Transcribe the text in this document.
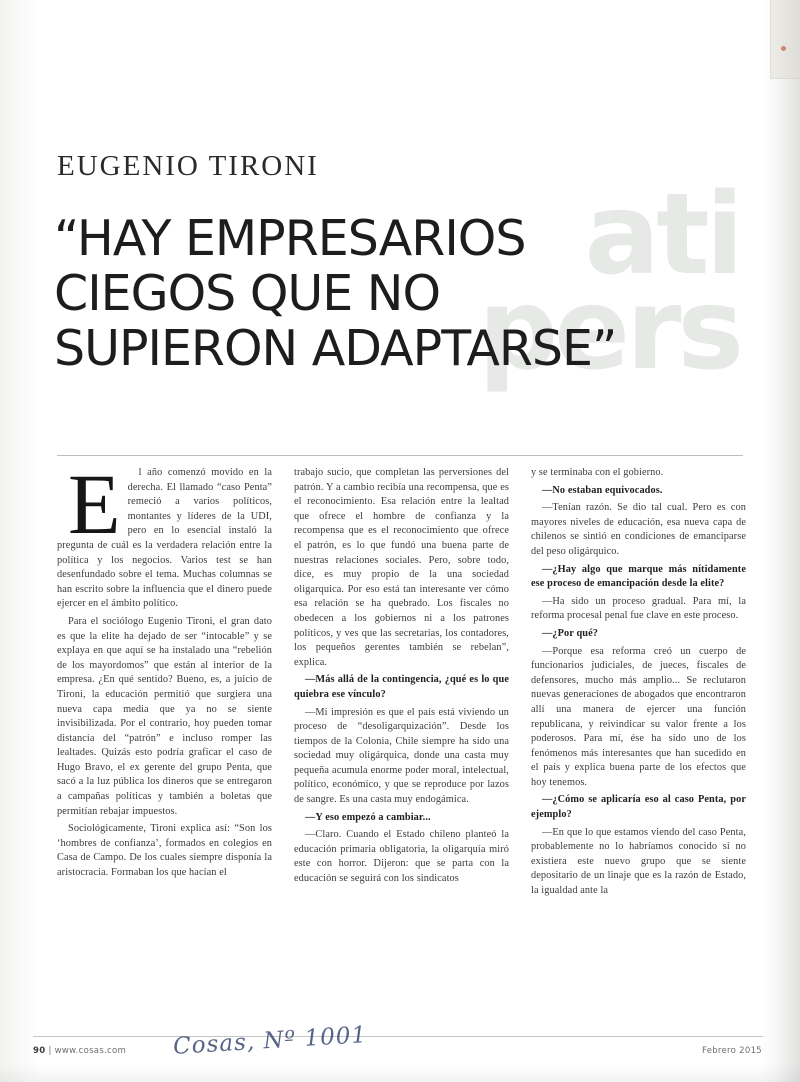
ati
pers
EUGENIO TIRONI
“HAY EMPRESARIOS
CIEGOS QUE NO
SUPIERON ADAPTARSE”

E	l año comenzó movido en la derecha. El llamado “caso Penta” remeció a varios políticos, montantes y líderes de la UDI, pero en lo esencial instaló la pregunta de cuál es la verdadera relación entre la política y los negocios. Varios test se han desenfundado sobre el tema. Muchas columnas se han escrito sobre la influencia que el dinero puede ejercer en el ámbito político.

Para el sociólogo Eugenio Tironi, el gran dato es que la elite ha dejado de ser “intocable” y se explaya en que aquí se ha instalado una “rebelión de los mayordomos” que están al interior de la empresa. ¿En qué sentido? Bueno, es, a juicio de Tironi, la educación permitió que surgiera una nueva capa media que ya no se siente invisibilizada. Por el contrario, hoy pueden tomar distancia del “patrón” e incluso romper las lealtades. Quizás esto podría graficar el caso de Hugo Bravo, el ex gerente del grupo Penta, que sacó a la luz pública los dineros que se entregaron a campañas políticas y también a boletas que permitían rebajar impuestos.

Sociológicamente, Tironi explica así: “Son los ‘hombres de confianza’, formados en colegios en Casa de Campo. De los cuales siempre disponía la aristocracia. Formaban los que hacían el

trabajo sucio, que completan las perversiones del patrón. Y a cambio recibía una recompensa, que es el reconocimiento. Esa relación entre la lealtad que ofrece el hombre de confianza y la recompensa que es el reconocimiento que ofrece el patrón, es lo que fundó una buena parte de nuestras relaciones sociales. Pero, sobre todo, dice, es muy propio de la una sociedad oligarquica. Por eso está tan interesante ver cómo esa relación se ha quebrado. Los fiscales no obedecen a los gobiernos ni a los patrones políticos, y ves que las secretarias, los contadores, los pequeños gerentes también se rebelan”, explica.

—Más allá de la contingencia, ¿qué es lo que quiebra ese vínculo?

—Mi impresión es que el país está viviendo un proceso de “desoligarquización”. Desde los tiempos de la Colonia, Chile siempre ha sido una sociedad muy oligárquica, donde una casta muy pequeña acumula enorme poder moral, intelectual, político, económico, y que se reproduce por lazos de sangre. Es una casta muy endogámica.

—Y eso empezó a cambiar...

—Claro. Cuando el Estado chileno planteó la educación primaria obligatoria, la oligarquía miró este con horror. Dijeron: que se parta con la educación se seguirá con los sindicatos

y se terminaba con el gobierno.

—No estaban equivocados.

—Tenían razón. Se dio tal cual. Pero es con mayores niveles de educación, esa nueva capa de chilenos se sintió en condiciones de emanciparse del peso oligárquico.

—¿Hay algo que marque más nítidamente ese proceso de emancipación desde la elite?

—Ha sido un proceso gradual. Para mí, la reforma procesal penal fue clave en este proceso.

—¿Por qué?

—Porque esa reforma creó un cuerpo de funcionarios judiciales, de jueces, fiscales de defensores, mucho más amplio... Se reclutaron nuevas generaciones de abogados que encontraron allí una manera de ejercer una función republicana, y reivindicar su valor frente a los poderosos. Para mí, ése ha sido uno de los fenómenos más interesantes que han sucedido en el país y explica buena parte de los efectos que hoy tenemos.

—¿Cómo se aplicaría eso al caso Penta, por ejemplo?

—En que lo que estamos viendo del caso Penta, probablemente no lo habríamos conocido si no existiera este nuevo grupo que se siente depositario de un linaje que es la razón de Estado, la igualdad ante la

90 | www.cosas.com	Febrero 2015
Cosas, Nº 1001
